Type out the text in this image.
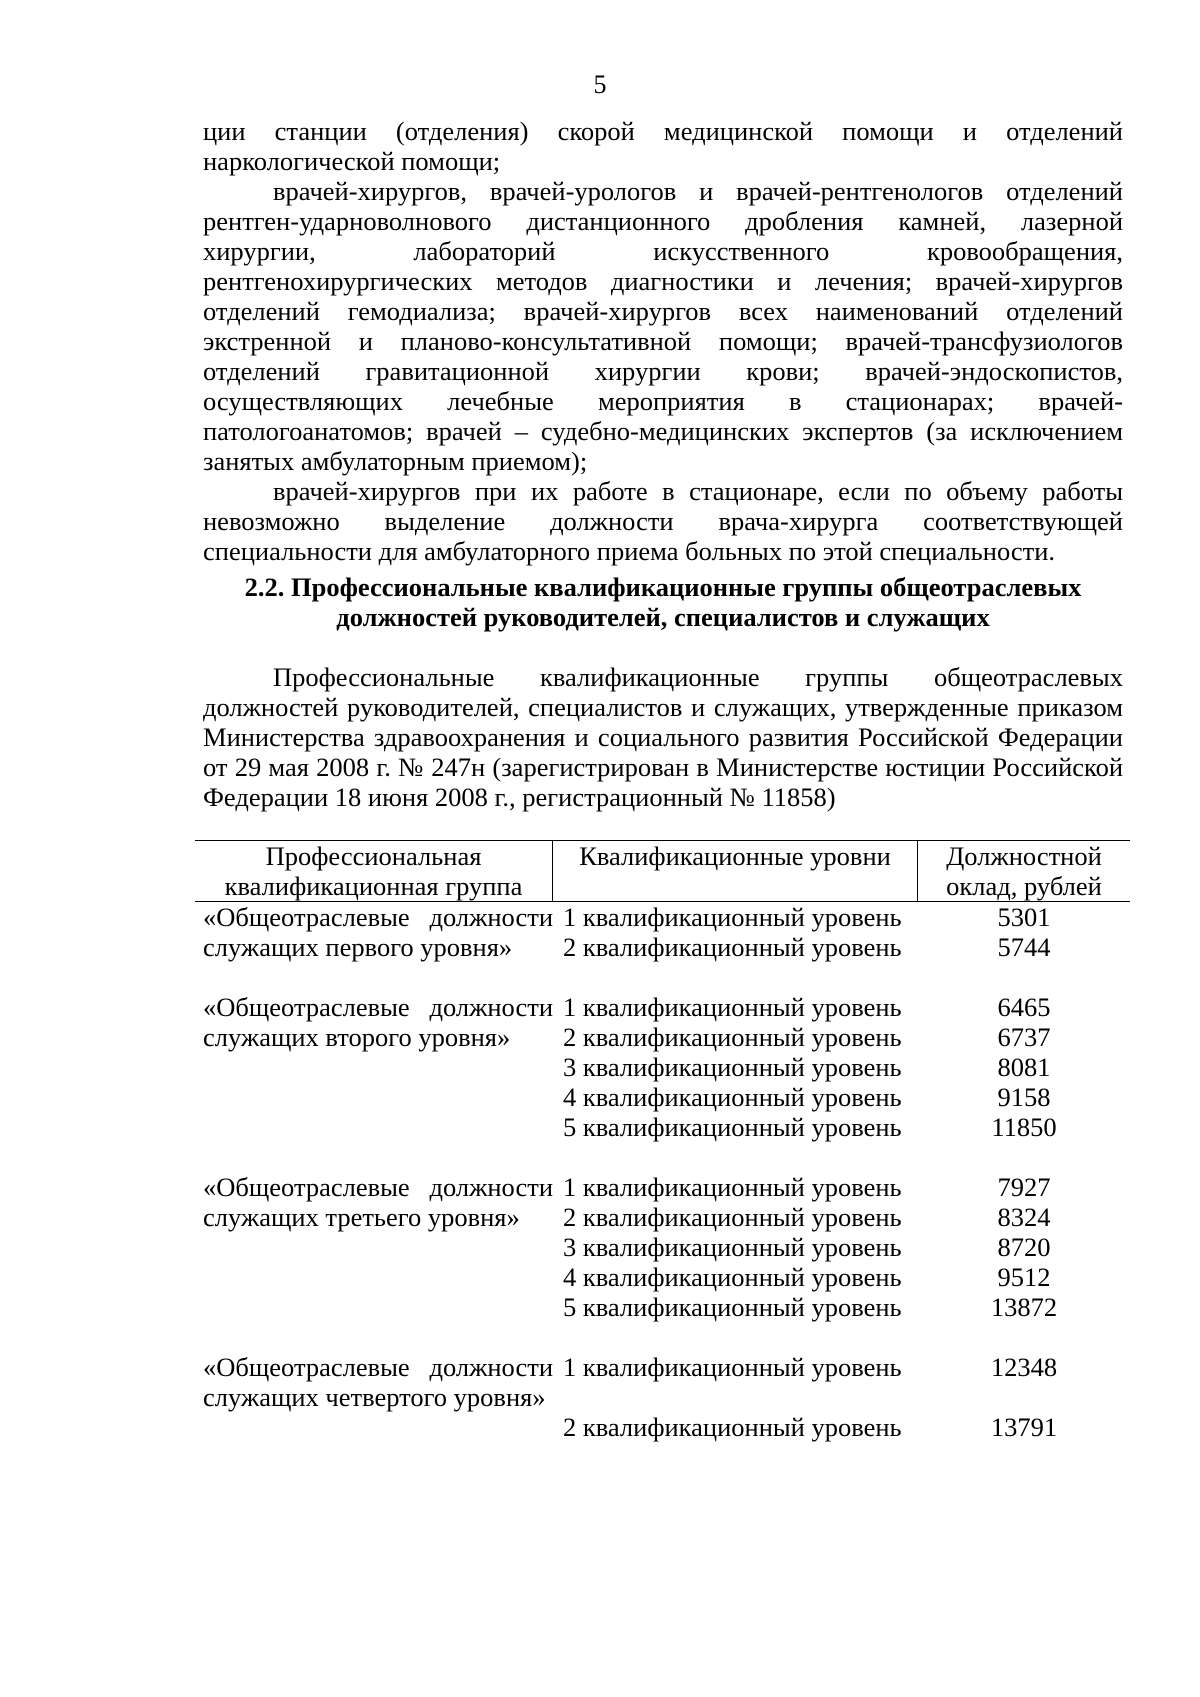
5

ции станции (отделения) скорой медицинской помощи и отделений наркологической помощи;

врачей-хирургов, врачей-урологов и врачей-рентгенологов отделений рентген-ударноволнового дистанционного дробления камней, лазерной хирургии, лабораторий искусственного кровообращения, рентгенохирургических методов диагностики и лечения; врачей-хирургов отделений гемодиализа; врачей-хирургов всех наименований отделений экстренной и планово-консультативной помощи; врачей-трансфузиологов отделений гравитационной хирургии крови; врачей-эндоскопистов, осуществляющих лечебные мероприятия в стационарах; врачей-патологоанатомов; врачей – судебно-медицинских экспертов (за исключением занятых амбулаторным приемом);

врачей-хирургов при их работе в стационаре, если по объему работы невозможно выделение должности врача-хирурга соответствующей специальности для амбулаторного приема больных по этой специальности.

2.2. Профессиональные квалификационные группы общеотраслевых
должностей руководителей, специалистов и служащих

Профессиональные квалификационные группы общеотраслевых должностей руководителей, специалистов и служащих, утвержденные приказом Министерства здравоохранения и социального развития Российской Федерации от 29 мая 2008 г. № 247н (зарегистрирован в Министерстве юстиции Российской Федерации 18 июня 2008 г., регистрационный № 11858)

Профессиональная квалификационная группа
Квалификационные уровни	Должностной оклад, рублей
«Общеотраслевые должности служащих первого уровня»
1 квалификационный уровень
2 квалификационный уровень
5301
5744
«Общеотраслевые должности служащих второго уровня»
1 квалификационный уровень
2 квалификационный уровень
3 квалификационный уровень
4 квалификационный уровень
5 квалификационный уровень
6465
6737
8081
9158
11850
«Общеотраслевые должности служащих третьего уровня»
1 квалификационный уровень
2 квалификационный уровень
3 квалификационный уровень
4 квалификационный уровень
5 квалификационный уровень
7927
8324
8720
9512
13872
«Общеотраслевые должности служащих четвертого уровня»
1 квалификационный уровень
2 квалификационный уровень
12348
13791
